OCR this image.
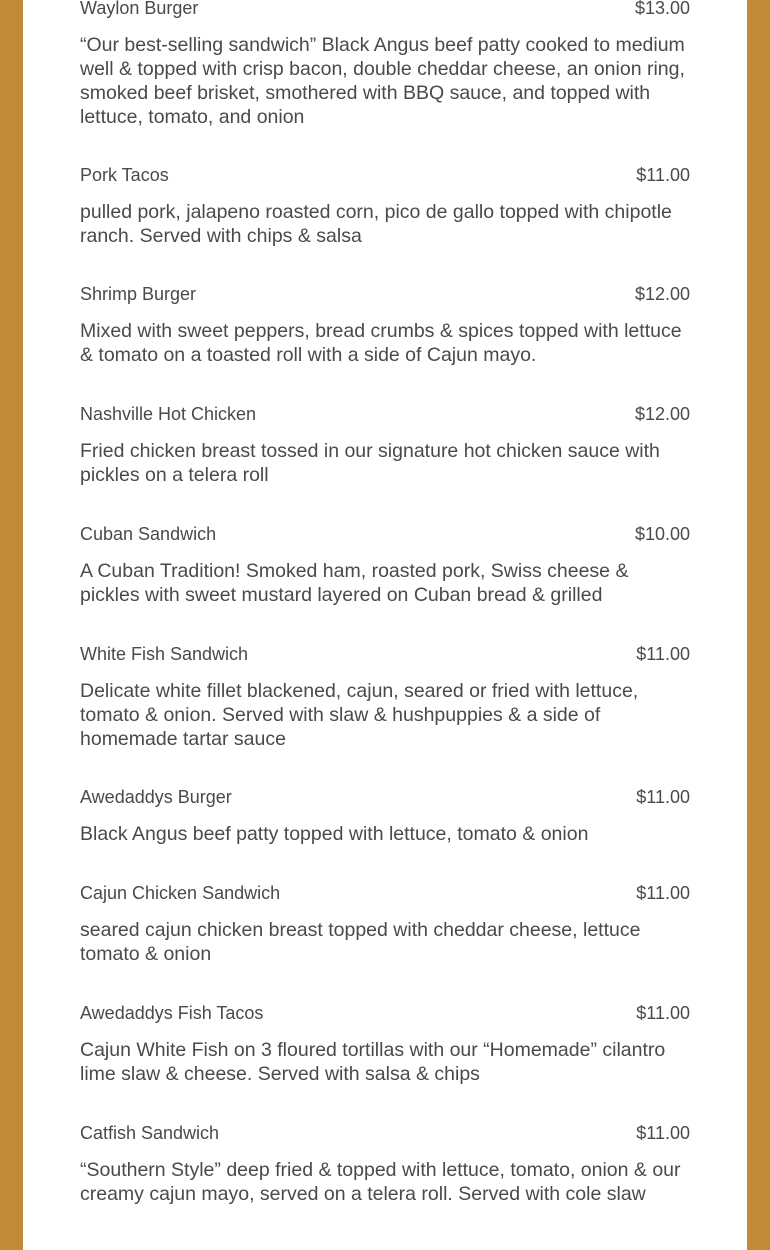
Waylon Burger	$13.00
“Our best-selling sandwich” Black Angus beef patty cooked to medium well & topped with crisp bacon, double cheddar cheese, an onion ring, smoked beef brisket, smothered with BBQ sauce, and topped with lettuce, tomato, and onion
Pork Tacos	$11.00
pulled pork, jalapeno roasted corn, pico de gallo topped with chipotle ranch. Served with chips & salsa
Shrimp Burger	$12.00
Mixed with sweet peppers, bread crumbs & spices topped with lettuce & tomato on a toasted roll with a side of Cajun mayo.
Nashville Hot Chicken	$12.00
Fried chicken breast tossed in our signature hot chicken sauce with pickles on a telera roll
Cuban Sandwich	$10.00
A Cuban Tradition! Smoked ham, roasted pork, Swiss cheese & pickles with sweet mustard layered on Cuban bread & grilled
White Fish Sandwich	$11.00
Delicate white fillet blackened, cajun, seared or fried with lettuce, tomato & onion. Served with slaw & hushpuppies & a side of homemade tartar sauce
Awedaddys Burger	$11.00
Black Angus beef patty topped with lettuce, tomato & onion
Cajun Chicken Sandwich	$11.00
seared cajun chicken breast topped with cheddar cheese, lettuce tomato & onion
Awedaddys Fish Tacos	$11.00
Cajun White Fish on 3 floured tortillas with our “Homemade” cilantro lime slaw & cheese. Served with salsa & chips
Catfish Sandwich	$11.00
“Southern Style” deep fried & topped with lettuce, tomato, onion & our creamy cajun mayo, served on a telera roll. Served with cole slaw
